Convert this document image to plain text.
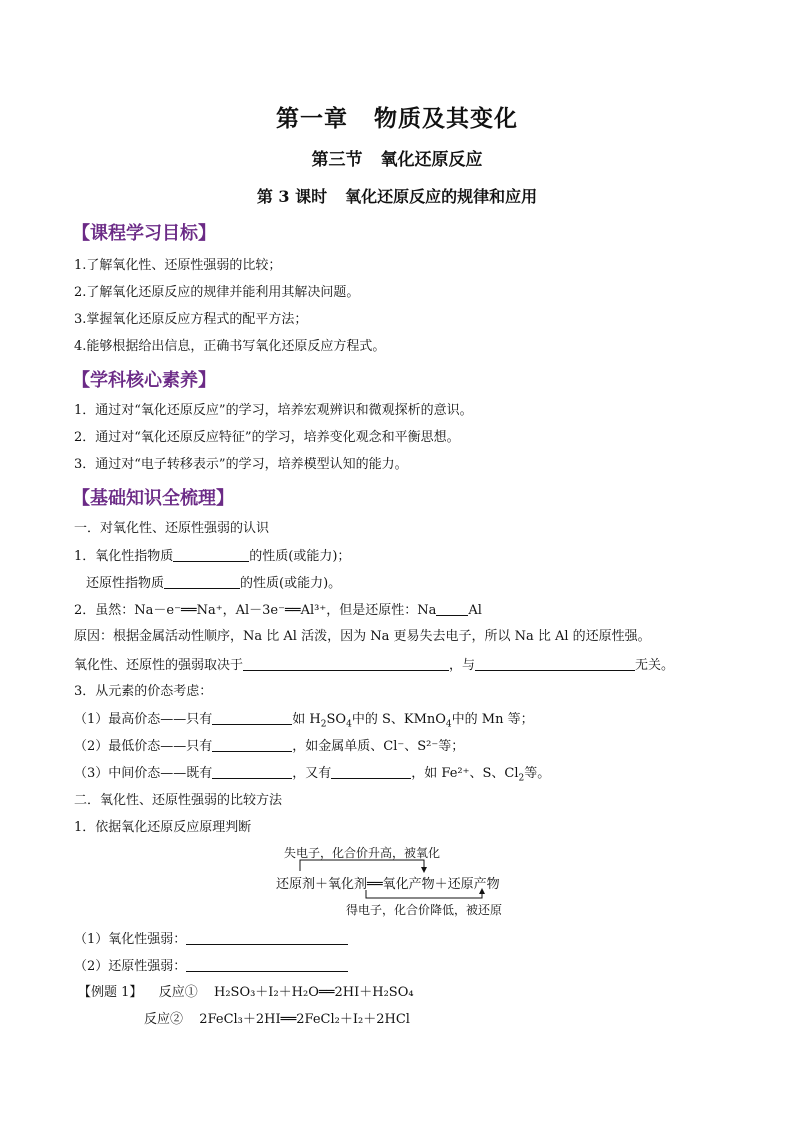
第一章 物质及其变化
第三节 氧化还原反应
第 3 课时 氧化还原反应的规律和应用
【课程学习目标】
1.了解氧化性、还原性强弱的比较；
2.了解氧化还原反应的规律并能利用其解决问题。
3.掌握氧化还原反应方程式的配平方法；
4.能够根据给出信息，正确书写氧化还原反应方程式。
【学科核心素养】
1．通过对“氧化还原反应”的学习，培养宏观辨识和微观探析的意识。
2．通过对“氧化还原反应特征”的学习，培养变化观念和平衡思想。
3．通过对“电子转移表示”的学习，培养模型认知的能力。
【基础知识全梳理】
一．对氧化性、还原性强弱的认识
1．氧化性指物质	的性质(或能力)；
还原性指物质	的性质(或能力)。
2．虽然：Na－e⁻══Na⁺，Al－3e⁻══Al³⁺，但是还原性：Na Al
原因：根据金属活动性顺序，Na 比 Al 活泼，因为 Na 更易失去电子，所以 Na 比 Al 的还原性强。
氧化性、还原性的强弱取决于	，与	无关。
3．从元素的价态考虑：
（1）最高价态——只有	如 $H_2SO_4$中的 S、KMnO$_4$中的 Mn 等；
（2）最低价态——只有	，如金属单质、Cl⁻、S²⁻等；
（3）中间价态——既有	，又有	，如 Fe²⁺、S、$Cl_2$等。
二．氧化性、还原性强弱的比较方法
1．依据氧化还原反应原理判断
失电子，化合价升高，被氧化
还原剂＋氧化剂══氧化产物＋还原产物
得电子，化合价降低，被还原
（1）氧化性强弱：
（2）还原性强弱：
【例题 1】 反应① H₂SO₃＋I₂＋H₂O══2HI＋H₂SO₄
反应② 2FeCl₃＋2HI══2FeCl₂＋I₂＋2HCl
